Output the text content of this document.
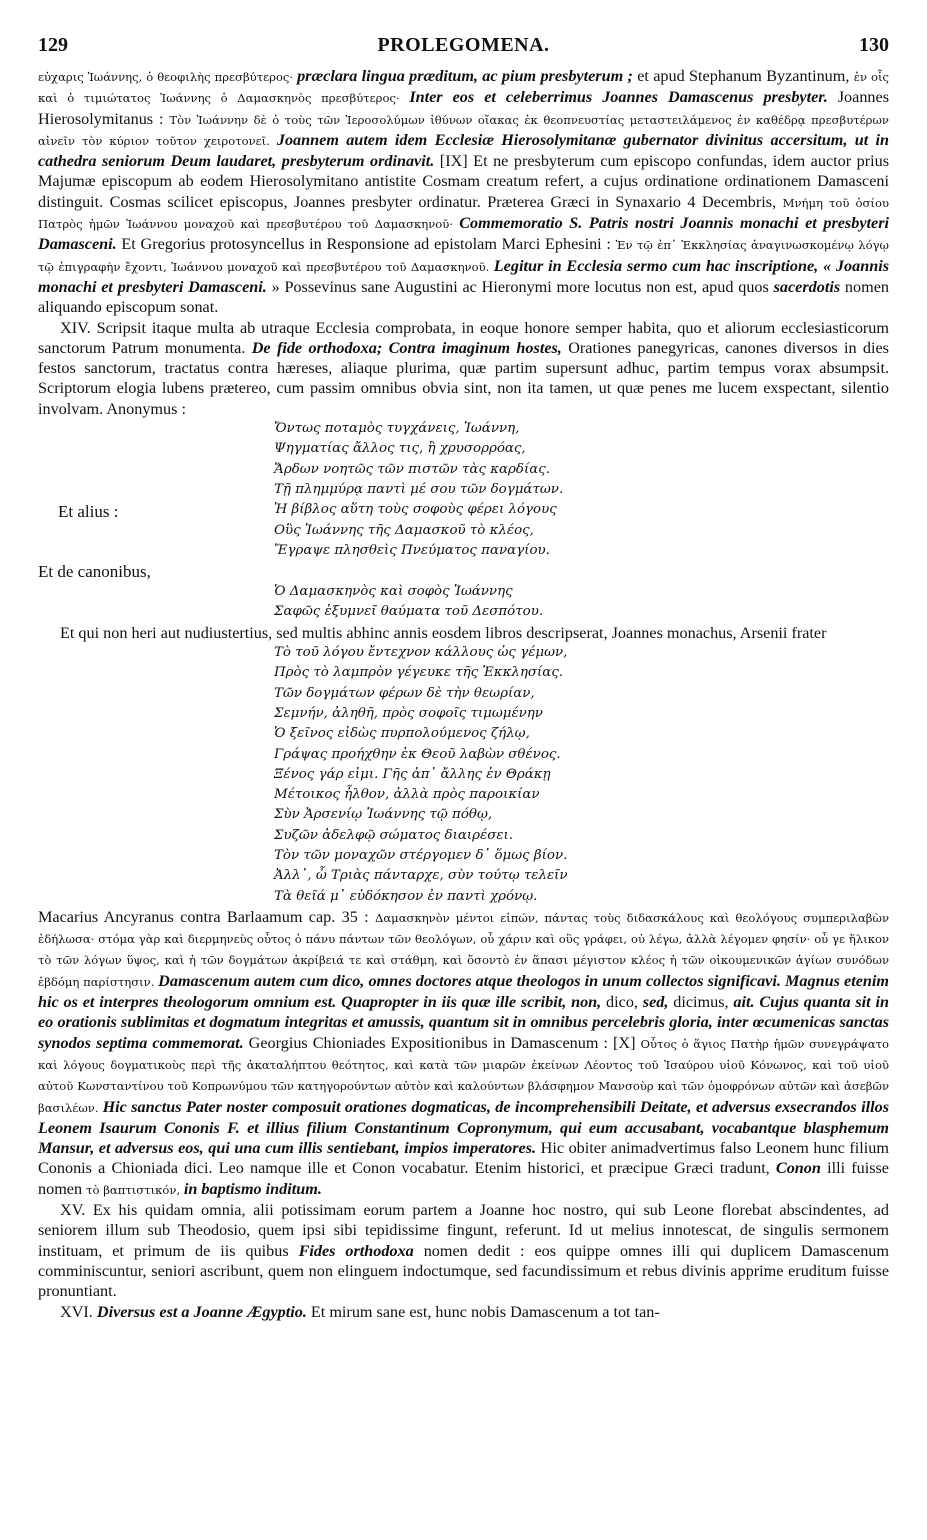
129	PROLEGOMENA.	130

εὐχαρις Ἰωάννης, ὁ θεοφιλὴς πρεσβύτερος· præclara lingua præditum, ac pium presbyterum ; et apud Stephanum Byzantinum, ἐν οἷς καὶ ὁ τιμιώτατος Ἰωάννης ὁ Δαμασκηνὸς πρεσβύτερος· Inter eos et celeberrimus Joannes Damascenus presbyter. Joannes Hierosolymitanus : Τὸν Ἰωάννην δὲ ὁ τοὺς τῶν Ἱεροσολύμων ἰθύνων οἴακας ἐκ θεοπνευστίας μεταστειλάμενος ἐν καθέδρᾳ πρεσβυτέρων αἰνεῖν τὸν κύριον τοῦτον χειροτονεῖ. Joannem autem idem Ecclesiæ Hierosolymitanæ gubernator divinitus accersitum, ut in cathedra seniorum Deum laudaret, presbyterum ordinavit. [IX] Et ne presbyterum cum episcopo confundas, idem auctor prius Majumæ episcopum ab eodem Hierosolymitano antistite Cosmam creatum refert, a cujus ordinatione ordinationem Damasceni distinguit. Cosmas scilicet episcopus, Joannes presbyter ordinatur. Præterea Græci in Synaxario 4 Decembris, Μνήμη τοῦ ὁσίου Πατρὸς ἡμῶν Ἰωάννου μοναχοῦ καὶ πρεσβυτέρου τοῦ Δαμασκηνοῦ· Commemoratio S. Patris nostri Joannis monachi et presbyteri Damasceni. Et Gregorius protosyncellus in Responsione ad epistolam Marci Ephesini : Ἐν τῷ ἐπ᾿ Ἐκκλησίας ἀναγινωσκομένῳ λόγῳ τῷ ἐπιγραφὴν ἔχοντι, Ἰωάννου μοναχοῦ καὶ πρεσβυτέρου τοῦ Δαμασκηνοῦ. Legitur in Ecclesia sermo cum hac inscriptione, « Joannis monachi et presbyteri Damasceni. » Possevinus sane Augustini ac Hieronymi more locutus non est, apud quos sacerdotis nomen aliquando episcopum sonat.

XIV. Scripsit itaque multa ab utraque Ecclesia comprobata, in eoque honore semper habita, quo et aliorum ecclesiasticorum sanctorum Patrum monumenta. De fide orthodoxa; Contra imaginum hostes, Orationes panegyricas, canones diversos in dies festos sanctorum, tractatus contra hæreses, aliaque plurima, quæ partim supersunt adhuc, partim tempus vorax absumpsit. Scriptorum elogia lubens prætereo, cum passim omnibus obvia sint, non ita tamen, ut quæ penes me lucem exspectant, silentio involvam. Anonymus :

Ὄντως ποταμὸς τυγχάνεις, Ἰωάννη,
Ψηγματίας ἄλλος τις, ἢ χρυσορρόας,
Ἄρδων νοητῶς τῶν πιστῶν τὰς καρδίας.
Τῇ πλημμύρᾳ παντὶ μέ σου τῶν δογμάτων.
Et alius :	Ἡ βίβλος αὕτη τοὺς σοφοὺς φέρει λόγους
Οὓς Ἰωάννης τῆς Δαμασκοῦ τὸ κλέος,
Ἔγραψε πλησθεὶς Πνεύματος παναγίου.
Et de canonibus,
Ὁ Δαμασκηνὸς καὶ σοφὸς Ἰωάννης
Σαφῶς ἐξυμνεῖ θαύματα τοῦ Δεσπότου.

Et qui non heri aut nudiustertius, sed multis abhinc annis eosdem libros descripserat, Joannes monachus, Arsenii frater

Τὸ τοῦ λόγου ἔντεχνον κάλλους ὡς γέμων,
Πρὸς τὸ λαμπρὸν γέγευκε τῆς Ἐκκλησίας.
Τῶν δογμάτων φέρων δὲ τὴν θεωρίαν,
Σεμνήν, ἀληθῆ, πρὸς σοφοῖς τιμωμένην
Ὁ ξεῖνος εἰδὼς πυρπολούμενος ζήλῳ,
Γράψας προήχθην ἐκ Θεοῦ λαβὼν σθένος.
Ξένος γάρ εἰμι. Γῆς ἀπ᾿ ἄλλης ἐν Θράκῃ
Μέτοικος ἦλθον, ἀλλὰ πρὸς παροικίαν
Σὺν Ἀρσενίῳ Ἰωάννης τῷ πόθῳ,
Συζῶν ἀδελφῷ σώματος διαιρέσει.
Τὸν τῶν μοναχῶν στέργομεν δ᾿ ὅμως βίον.
Ἀλλ᾿, ὦ Τριὰς πάνταρχε, σὺν τούτῳ τελεῖν
Τὰ θεῖά μ᾿ εὐδόκησον ἐν παντὶ χρόνῳ.

Macarius Ancyranus contra Barlaamum cap. 35 : Δαμασκηνὸν μέντοι εἰπών, πάντας τοὺς διδασκάλους καὶ θεολόγους συμπεριλαβὼν ἐδήλωσα· στόμα γὰρ καὶ διερμηνεὺς οὗτος ὁ πάνυ πάντων τῶν θεολόγων, οὗ χάριν καὶ οὓς γράφει, οὐ λέγω, ἀλλὰ λέγομεν φησίν· οὗ γε ἥλικον τὸ τῶν λόγων ὕψος, καὶ ἡ τῶν δογμάτων ἀκρίβειά τε καὶ στάθμη, καὶ ὅσοντὸ ἐν ἅπασι μέγιστον κλέος ἡ τῶν οἰκουμενικῶν ἁγίων συνόδων ἑβδόμη παρίστησιν. Damascenum autem cum dico, omnes doctores atque theologos in unum collectos significavi. Magnus etenim hic os et interpres theologorum omnium est. Quapropter in iis quæ ille scribit, non, dico, sed, dicimus, ait. Cujus quanta sit in eo orationis sublimitas et dogmatum integritas et amussis, quantum sit in omnibus percelebris gloria, inter œcumenicas sanctas synodos septima commemorat. Georgius Chioniades Expositionibus in Damascenum : [X] Οὗτος ὁ ἅγιος Πατὴρ ἡμῶν συνεγράψατο καὶ λόγους δογματικοὺς περὶ τῆς ἀκαταλήπτου θεότητος, καὶ κατὰ τῶν μιαρῶν ἐκείνων Λέοντος τοῦ Ἰσαύρου υἱοῦ Κόνωνος, καὶ τοῦ υἱοῦ αὐτοῦ Κωνσταντίνου τοῦ Κοπρωνύμου τῶν κατηγορούντων αὐτὸν καὶ καλούντων βλάσφημον Μανσοὺρ καὶ τῶν ὁμοφρόνων αὐτῶν καὶ ἀσεβῶν βασιλέων. Hic sanctus Pater noster composuit orationes dogmaticas, de incomprehensibili Deitate, et adversus exsecrandos illos Leonem Isaurum Cononis F. et illius filium Constantinum Copronymum, qui eum accusabant, vocabantque blasphemum Mansur, et adversus eos, qui una cum illis sentiebant, impios imperatores. Hic obiter animadvertimus falso Leonem hunc filium Cononis a Chioniada dici. Leo namque ille et Conon vocabatur. Etenim historici, et præcipue Græci tradunt, Conon illi fuisse nomen τὸ βαπτιστικόν, in baptismo inditum.

XV. Ex his quidam omnia, alii potissimam eorum partem a Joanne hoc nostro, qui sub Leone florebat abscindentes, ad seniorem illum sub Theodosio, quem ipsi sibi tepidissime fingunt, referunt. Id ut melius innotescat, de singulis sermonem instituam, et primum de iis quibus Fides orthodoxa nomen dedit : eos quippe omnes illi qui duplicem Damascenum comminiscuntur, seniori ascribunt, quem non elinguem indoctumque, sed facundissimum et rebus divinis apprime eruditum fuisse pronuntiant.

XVI. Diversus est a Joanne Ægyptio. Et mirum sane est, hunc nobis Damascenum a tot tan-
